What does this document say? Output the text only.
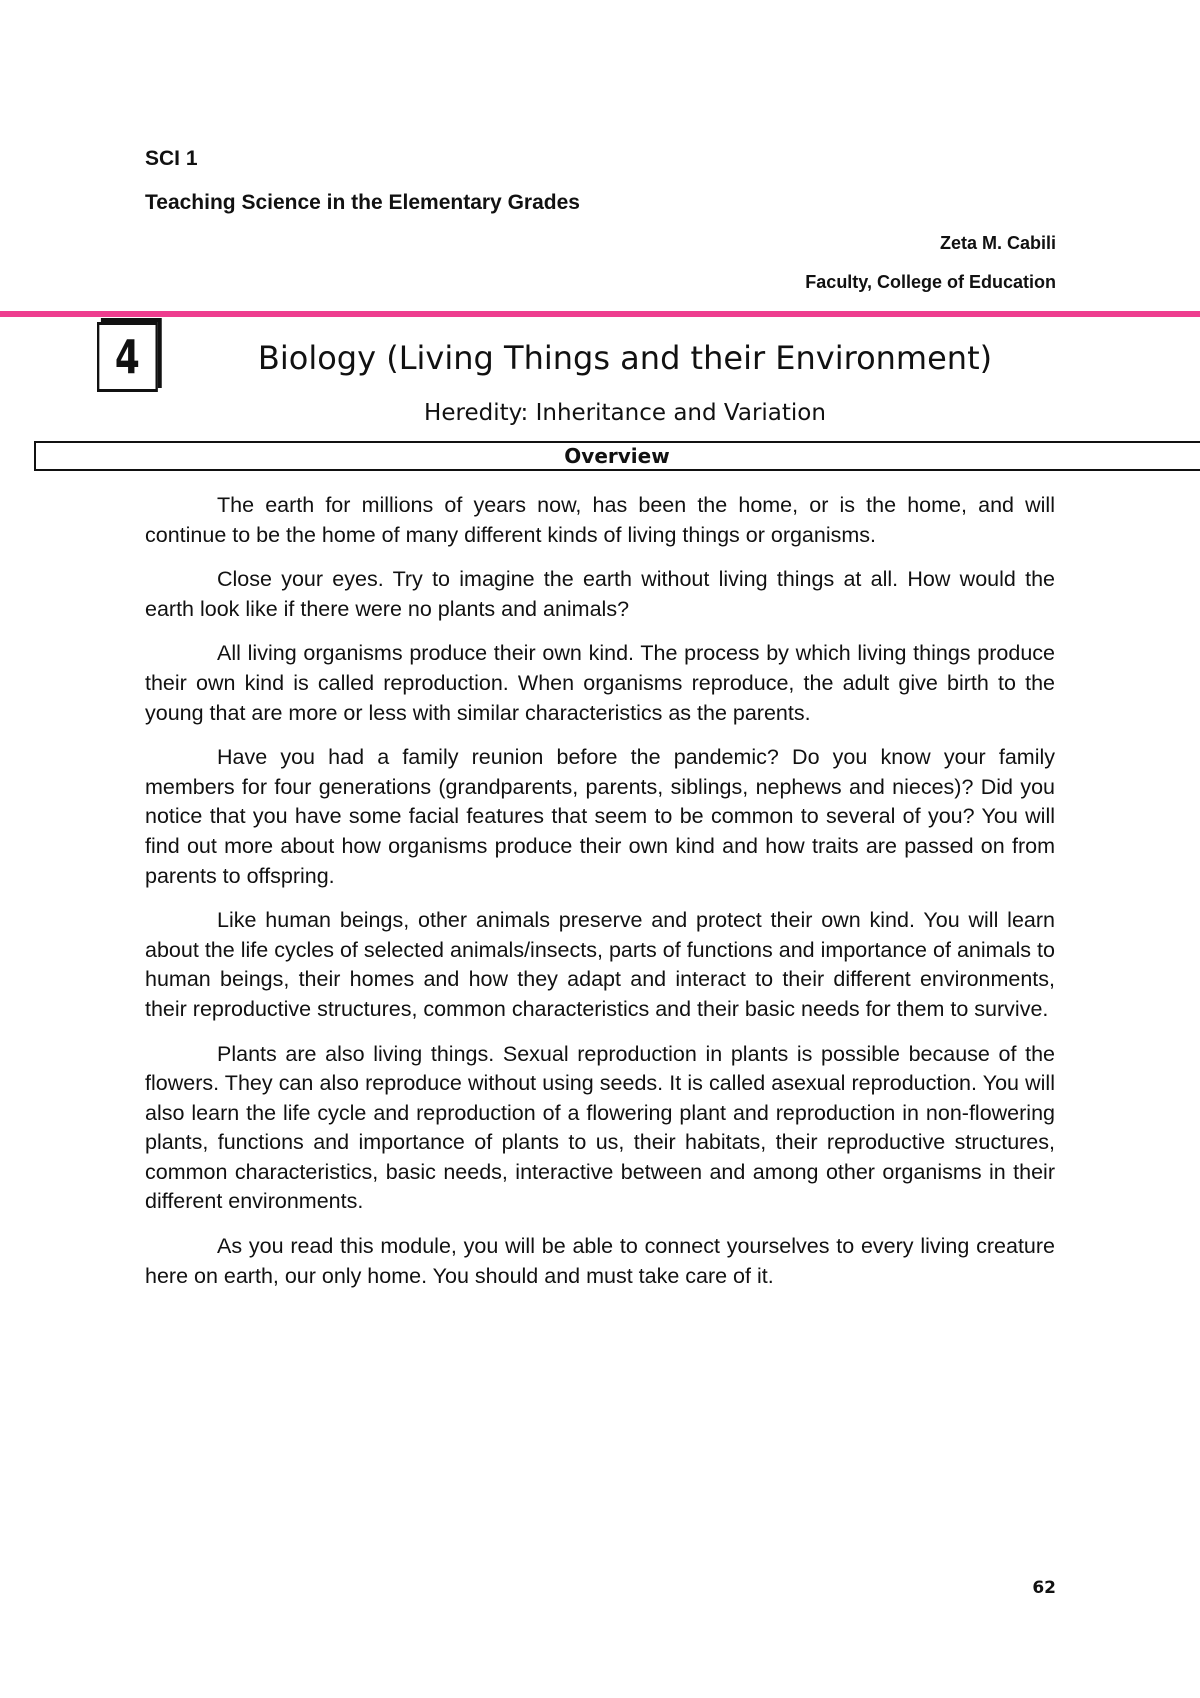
SCI 1
Teaching Science in the Elementary Grades
Zeta M. Cabili
Faculty, College of Education
4	Biology (Living Things and their Environment)
Heredity: Inheritance and Variation
Overview

The earth for millions of years now, has been the home, or is the home, and will continue to be the home of many different kinds of living things or organisms.

Close your eyes. Try to imagine the earth without living things at all. How would the earth look like if there were no plants and animals?

All living organisms produce their own kind. The process by which living things produce their own kind is called reproduction. When organisms reproduce, the adult give birth to the young that are more or less with similar characteristics as the parents.

Have you had a family reunion before the pandemic? Do you know your family members for four generations (grandparents, parents, siblings, nephews and nieces)? Did you notice that you have some facial features that seem to be common to several of you? You will find out more about how organisms produce their own kind and how traits are passed on from parents to offspring.

Like human beings, other animals preserve and protect their own kind. You will learn about the life cycles of selected animals/insects, parts of functions and importance of animals to human beings, their homes and how they adapt and interact to their different environments, their reproductive structures, common characteristics and their basic needs for them to survive.

Plants are also living things. Sexual reproduction in plants is possible because of the flowers. They can also reproduce without using seeds. It is called asexual reproduction. You will also learn the life cycle and reproduction of a flowering plant and reproduction in non-flowering plants, functions and importance of plants to us, their habitats, their reproductive structures, common characteristics, basic needs, interactive between and among other organisms in their different environments.

As you read this module, you will be able to connect yourselves to every living creature here on earth, our only home. You should and must take care of it.

62
